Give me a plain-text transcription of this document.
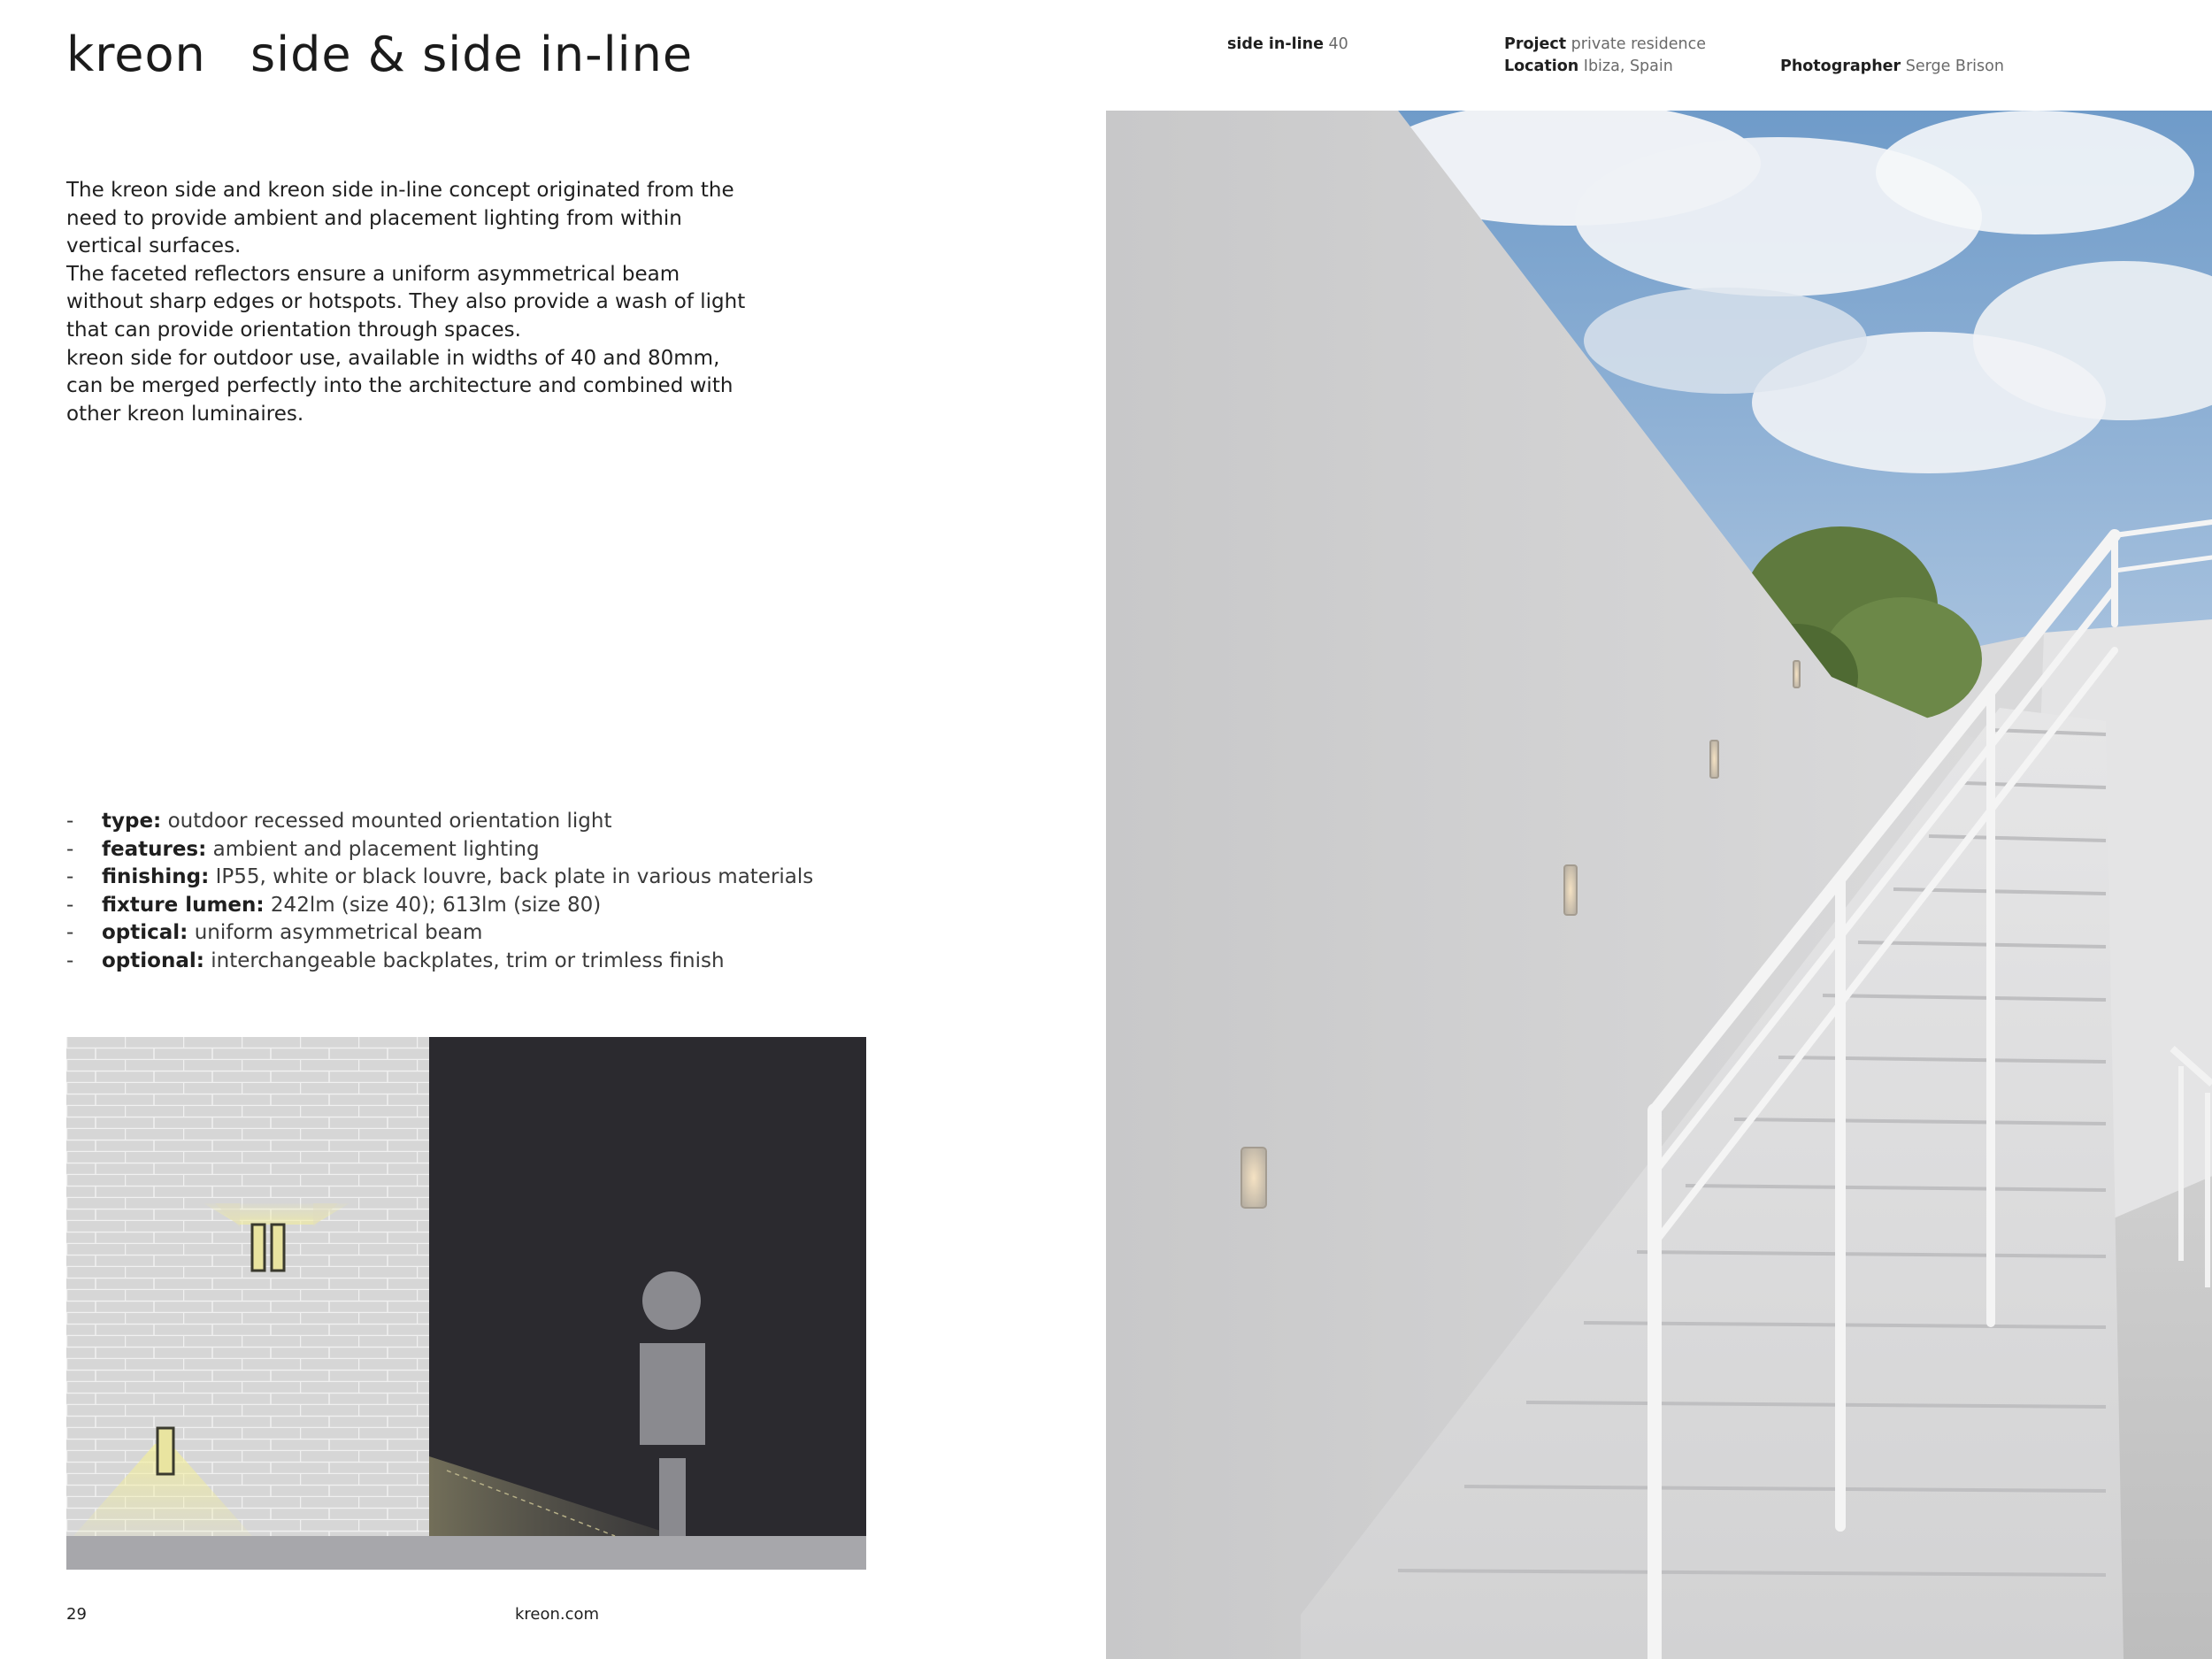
kreon side & side in-line	side in-line 40	Project private residence
Location Ibiza, Spain	Photographer Serge Brison

The kreon side and kreon side in-line concept originated from the need to provide ambient and placement lighting from within vertical surfaces.

The faceted reflectors ensure a uniform asymmetrical beam without sharp edges or hotspots. They also provide a wash of light that can provide orientation through spaces.

kreon side for outdoor use, available in widths of 40 and 80mm, can be merged perfectly into the architecture and combined with other kreon luminaires.

- type: outdoor recessed mounted orientation light
- features: ambient and placement lighting
- finishing: IP55, white or black louvre, back plate in various materials
- fixture lumen: 242lm (size 40); 613lm (size 80)
- optical: uniform asymmetrical beam
- optional: interchangeable backplates, trim or trimless finish
29	kreon.com
